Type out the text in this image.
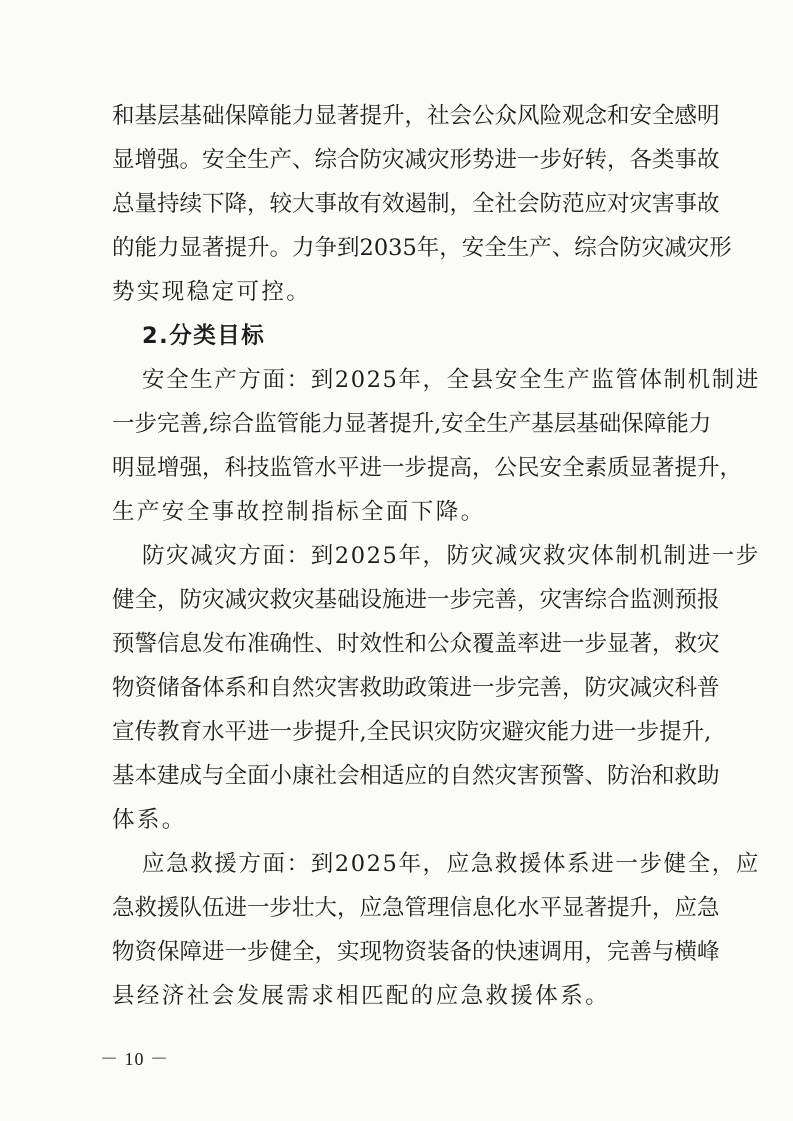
和基层基础保障能力显著提升，社会公众风险观念和安全感明
显增强。安全生产、综合防灾减灾形势进一步好转，各类事故
总量持续下降，较大事故有效遏制，全社会防范应对灾害事故
的能力显著提升。力争到2035年，安全生产、综合防灾减灾形
势实现稳定可控。
2.分类目标
安全生产方面：到2025年，全县安全生产监管体制机制进
一步完善,综合监管能力显著提升,安全生产基层基础保障能力
明显增强，科技监管水平进一步提高，公民安全素质显著提升，
生产安全事故控制指标全面下降。
防灾减灾方面：到2025年，防灾减灾救灾体制机制进一步
健全，防灾减灾救灾基础设施进一步完善，灾害综合监测预报
预警信息发布准确性、时效性和公众覆盖率进一步显著，救灾
物资储备体系和自然灾害救助政策进一步完善，防灾减灾科普
宣传教育水平进一步提升,全民识灾防灾避灾能力进一步提升,
基本建成与全面小康社会相适应的自然灾害预警、防治和救助
体系。
应急救援方面：到2025年，应急救援体系进一步健全，应
急救援队伍进一步壮大，应急管理信息化水平显著提升，应急
物资保障进一步健全，实现物资装备的快速调用，完善与横峰
县经济社会发展需求相匹配的应急救援体系。
－ 10 －
